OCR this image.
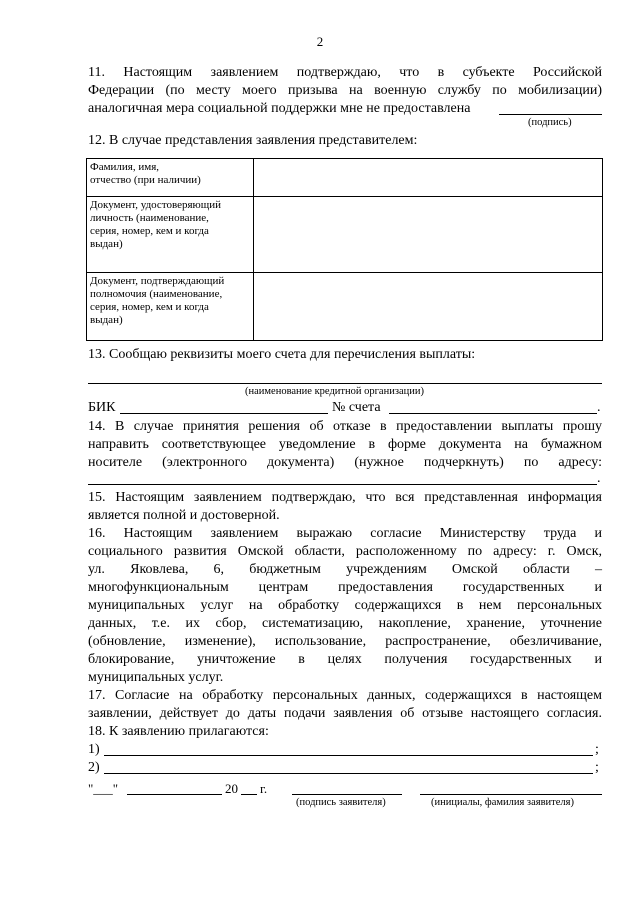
2
11. Настоящим заявлением подтверждаю, что в субъекте Российской
Федерации (по месту моего призыва на военную службу по мобилизации)
аналогичная мера социальной поддержки мне не предоставлена
(подпись)
12. В случае представления заявления представителем:
Фамилия, имя,
отчество (при наличии)	

Документ, удостоверяющий
личность (наименование,
серия, номер, кем и когда
выдан)	

Документ, подтверждающий
полномочия (наименование,
серия, номер, кем и когда
выдан)	

13. Сообщаю реквизиты моего счета для перечисления выплаты:
(наименование кредитной организации)
БИК	№ счета	.
14. В случае принятия решения об отказе в предоставлении выплаты прошу
направить соответствующее уведомление в форме документа на бумажном
носителе (электронного документа) (нужное подчеркнуть) по адресу:
.
15. Настоящим заявлением подтверждаю, что вся представленная информация
является полной и достоверной.
16. Настоящим заявлением выражаю согласие Министерству труда и
социального развития Омской области, расположенному по адресу: г. Омск,
ул. Яковлева, 6, бюджетным учреждениям Омской области –
многофункциональным центрам предоставления государственных и
муниципальных услуг на обработку содержащихся в нем персональных
данных, т.е. их сбор, систематизацию, накопление, хранение, уточнение
(обновление, изменение), использование, распространение, обезличивание,
блокирование, уничтожение в целях получения государственных и
муниципальных услуг.
17. Согласие на обработку персональных данных, содержащихся в настоящем
заявлении, действует до даты подачи заявления об отзыве настоящего согласия.
18. К заявлению прилагаются:
1)	;
2)	;
"___"	20 г.
(подпись заявителя)	(инициалы, фамилия заявителя)
